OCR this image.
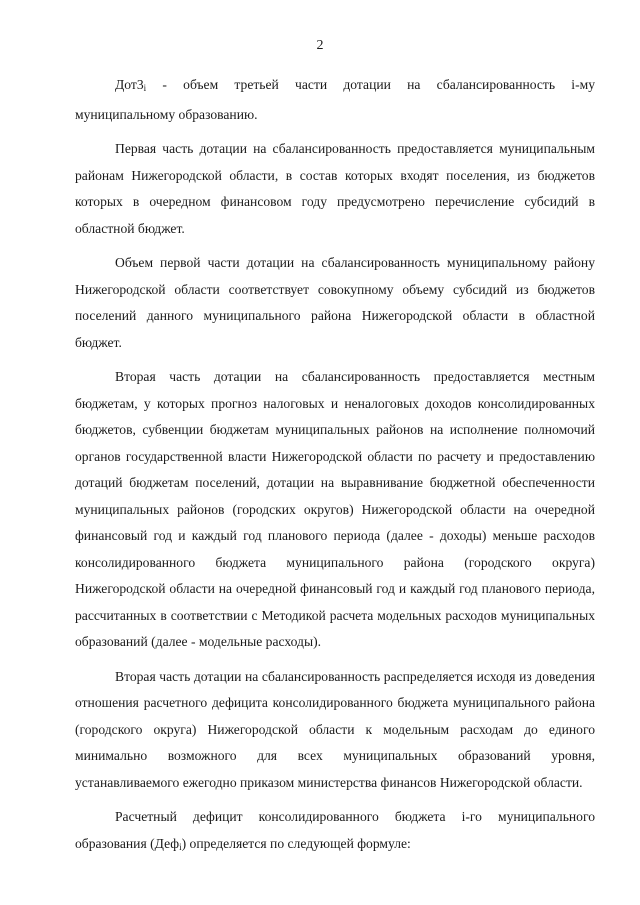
2

$Дот3_i$ - объем третьей части дотации на сбалансированность i-му муниципальному образованию.

Первая часть дотации на сбалансированность предоставляется муниципальным районам Нижегородской области, в состав которых входят поселения, из бюджетов которых в очередном финансовом году предусмотрено перечисление субсидий в областной бюджет.

Объем первой части дотации на сбалансированность муниципальному району Нижегородской области соответствует совокупному объему субсидий из бюджетов поселений данного муниципального района Нижегородской области в областной бюджет.

Вторая часть дотации на сбалансированность предоставляется местным бюджетам, у которых прогноз налоговых и неналоговых доходов консолидированных бюджетов, субвенции бюджетам муниципальных районов на исполнение полномочий органов государственной власти Нижегородской области по расчету и предоставлению дотаций бюджетам поселений, дотации на выравнивание бюджетной обеспеченности муниципальных районов (городских округов) Нижегородской области на очередной финансовый год и каждый год планового периода (далее - доходы) меньше расходов консолидированного бюджета муниципального района (городского округа) Нижегородской области на очередной финансовый год и каждый год планового периода, рассчитанных в соответствии с Методикой расчета модельных расходов муниципальных образований (далее - модельные расходы).

Вторая часть дотации на сбалансированность распределяется исходя из доведения отношения расчетного дефицита консолидированного бюджета муниципального района (городского округа) Нижегородской области к модельным расходам до единого минимально возможного для всех муниципальных образований уровня, устанавливаемого ежегодно приказом министерства финансов Нижегородской области.

Расчетный дефицит консолидированного бюджета i-го муниципального образования (Деф$_i$) определяется по следующей формуле:
